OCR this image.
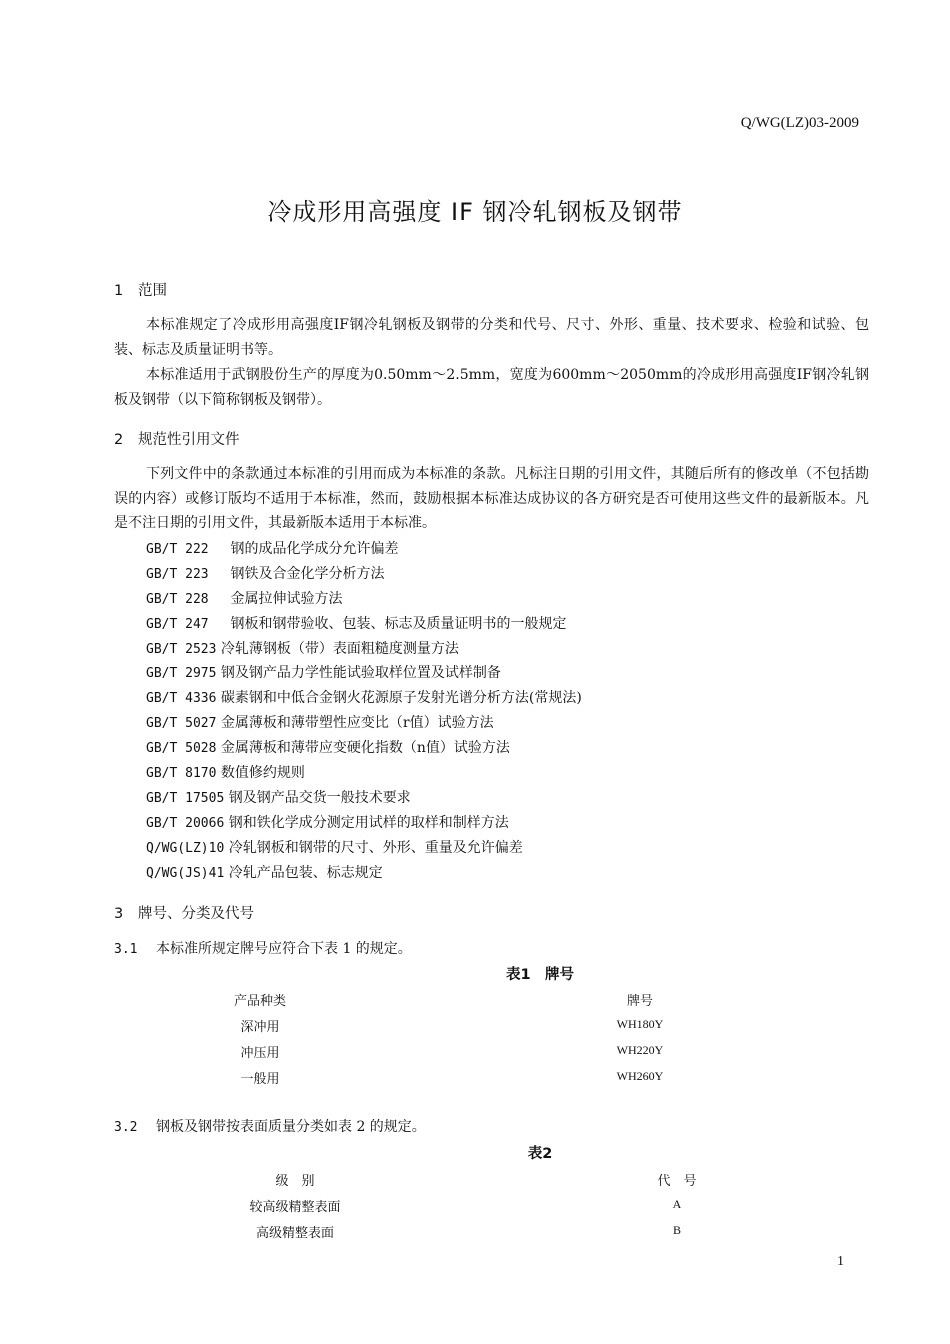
Q/WG(LZ)03-2009
冷成形用高强度 IF 钢冷轧钢板及钢带
1 范围
本标准规定了冷成形用高强度IF钢冷轧钢板及钢带的分类和代号、尺寸、外形、重量、技术要求、检验和试验、包装、标志及质量证明书等。
本标准适用于武钢股份生产的厚度为0.50mm～2.5mm，宽度为600mm～2050mm的冷成形用高强度IF钢冷轧钢板及钢带（以下简称钢板及钢带）。
2 规范性引用文件
下列文件中的条款通过本标准的引用而成为本标准的条款。凡标注日期的引用文件，其随后所有的修改单（不包括勘误的内容）或修订版均不适用于本标准，然而，鼓励根据本标准达成协议的各方研究是否可使用这些文件的最新版本。凡是不注日期的引用文件，其最新版本适用于本标准。
GB/T 222 　钢的成品化学成分允许偏差
GB/T 223 　钢铁及合金化学分析方法
GB/T 228 　金属拉伸试验方法
GB/T 247 　钢板和钢带验收、包装、标志及质量证明书的一般规定
GB/T 2523 冷轧薄钢板（带）表面粗糙度测量方法
GB/T 2975 钢及钢产品力学性能试验取样位置及试样制备
GB/T 4336 碳素钢和中低合金钢火花源原子发射光谱分析方法(常规法)
GB/T 5027 金属薄板和薄带塑性应变比（r值）试验方法
GB/T 5028 金属薄板和薄带应变硬化指数（n值）试验方法
GB/T 8170 数值修约规则
GB/T 17505 钢及钢产品交货一般技术要求
GB/T 20066 钢和铁化学成分测定用试样的取样和制样方法
Q/WG(LZ)10 冷轧钢板和钢带的尺寸、外形、重量及允许偏差
Q/WG(JS)41 冷轧产品包装、标志规定
3 牌号、分类及代号
3.1 本标准所规定牌号应符合下表 1 的规定。
表1　牌号
产品种类	牌号
深冲用	WH180Y
冲压用	WH220Y
一般用	WH260Y
3.2 钢板及钢带按表面质量分类如表 2 的规定。
表2
级　别	代　号
较高级精整表面	A
高级精整表面	B
1
